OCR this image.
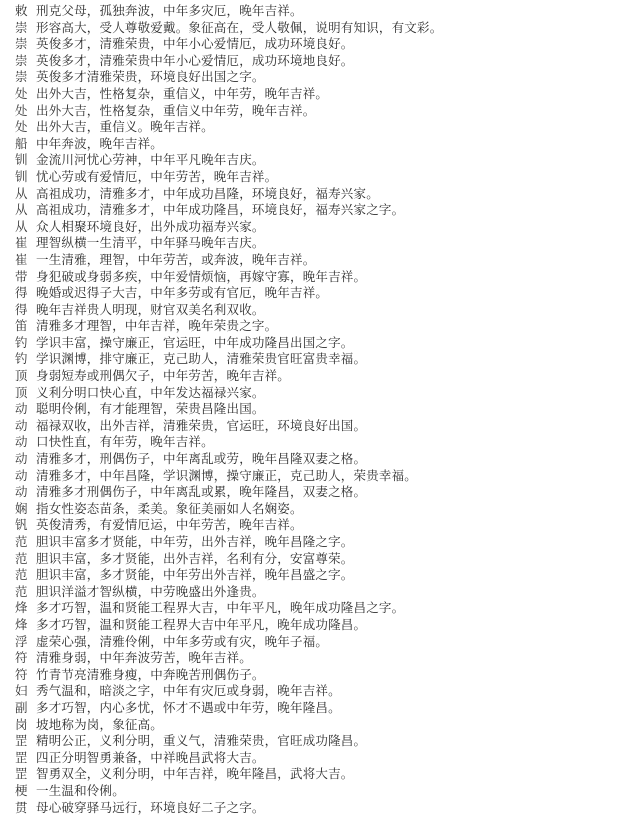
敕 刑克父母，孤独奔波，中年多灾厄，晚年吉祥。
崇 形容高大，受人尊敬爱戴。象征高在，受人敬佩，说明有知识，有文彩。
崇 英俊多才，清雅荣贵，中年小心爱情厄，成功环境良好。
崇 英俊多才，清雅荣贵中年小心爱情厄，成功环境地良好。
崇 英俊多才清雅荣贵，环境良好出国之字。
处 出外大吉，性格复杂，重信义，中年劳，晚年吉祥。
处 出外大吉，性格复杂，重信义中年劳，晚年吉祥。
处 出外大吉，重信义。晚年吉祥。
船 中年奔波，晚年吉祥。
钏 金流川河忧心劳神，中年平凡晚年吉庆。
钏 忧心劳或有爱情厄，中年劳苦，晚年吉祥。
从 高祖成功，清雅多才，中年成功昌隆，环境良好，福寿兴家。
从 高祖成功，清雅多才，中年成功隆昌，环境良好，福寿兴家之字。
从 众人相聚环境良好，出外成功福寿兴家。
崔 理智纵横一生清平，中年驿马晚年吉庆。
崔 一生清雅，理智，中年劳苦，或奔波，晚年吉祥。
带 身犯破或身弱多疾，中年爱情烦恼，再嫁守寡，晚年吉祥。
得 晚婚或迟得子大吉，中年多劳或有官厄，晚年吉祥。
得 晚年吉祥贵人明现，财官双美名利双收。
笛 清雅多才理智，中年吉祥，晚年荣贵之字。
钓 学识丰富，操守廉正，官运旺，中年成功隆昌出国之字。
钓 学识渊博，排守廉正，克己助人，清雅荣贵官旺富贵幸福。
顶 身弱短寿或刑偶欠子，中年劳苦，晚年吉祥。
顶 义利分明口快心直，中年发达福禄兴家。
动 聪明伶俐，有才能理智，荣贵昌隆出国。
动 福禄双收，出外吉祥，清雅荣贵，官运旺，环境良好出国。
动 口快性直，有年劳，晚年吉祥。
动 清雅多才，刑偶伤子，中年离乱或劳，晚年昌隆双妻之格。
动 清雅多才，中年昌隆，学识渊博，操守廉正，克己助人，荣贵幸福。
动 清雅多才刑偶伤子，中年离乱或累，晚年隆昌，双妻之格。
娴 指女性姿态苗条，柔美。象征美丽如人名娴姿。
钒 英俊清秀，有爱情厄运，中年劳苦，晚年吉祥。
范 胆识丰富多才贤能，中年劳，出外吉祥，晚年昌隆之字。
范 胆识丰富，多才贤能，出外吉祥，名利有分，安富尊荣。
范 胆识丰富，多才贤能，中年劳出外吉祥，晚年昌盛之字。
范 胆识洋溢才智纵横，中劳晚盛出外逢贵。
烽 多才巧智，温和贤能工程界大吉，中年平凡，晚年成功隆昌之字。
烽 多才巧智，温和贤能工程界大吉中年平凡，晚年成功隆昌。
浮 虚荣心强，清雅伶俐，中年多劳或有灾，晚年子福。
符 清雅身弱，中年奔波劳苦，晚年吉祥。
符 竹青节亮清雅身瘦，中奔晚苦刑偶伤子。
妇 秀气温和，暗淡之字，中年有灾厄或身弱，晚年吉祥。
副 多才巧智，内心多忧，怀才不遇或中年劳，晚年隆昌。
岗 坡地称为岗，象征高。
罡 精明公正，义利分明，重义气，清雅荣贵，官旺成功隆昌。
罡 四正分明智勇兼备，中祥晚昌武将大吉。
罡 智勇双全，义利分明，中年吉祥，晚年隆昌，武将大吉。
梗 一生温和伶俐。
贯 母心破穿驿马远行，环境良好二子之字。
